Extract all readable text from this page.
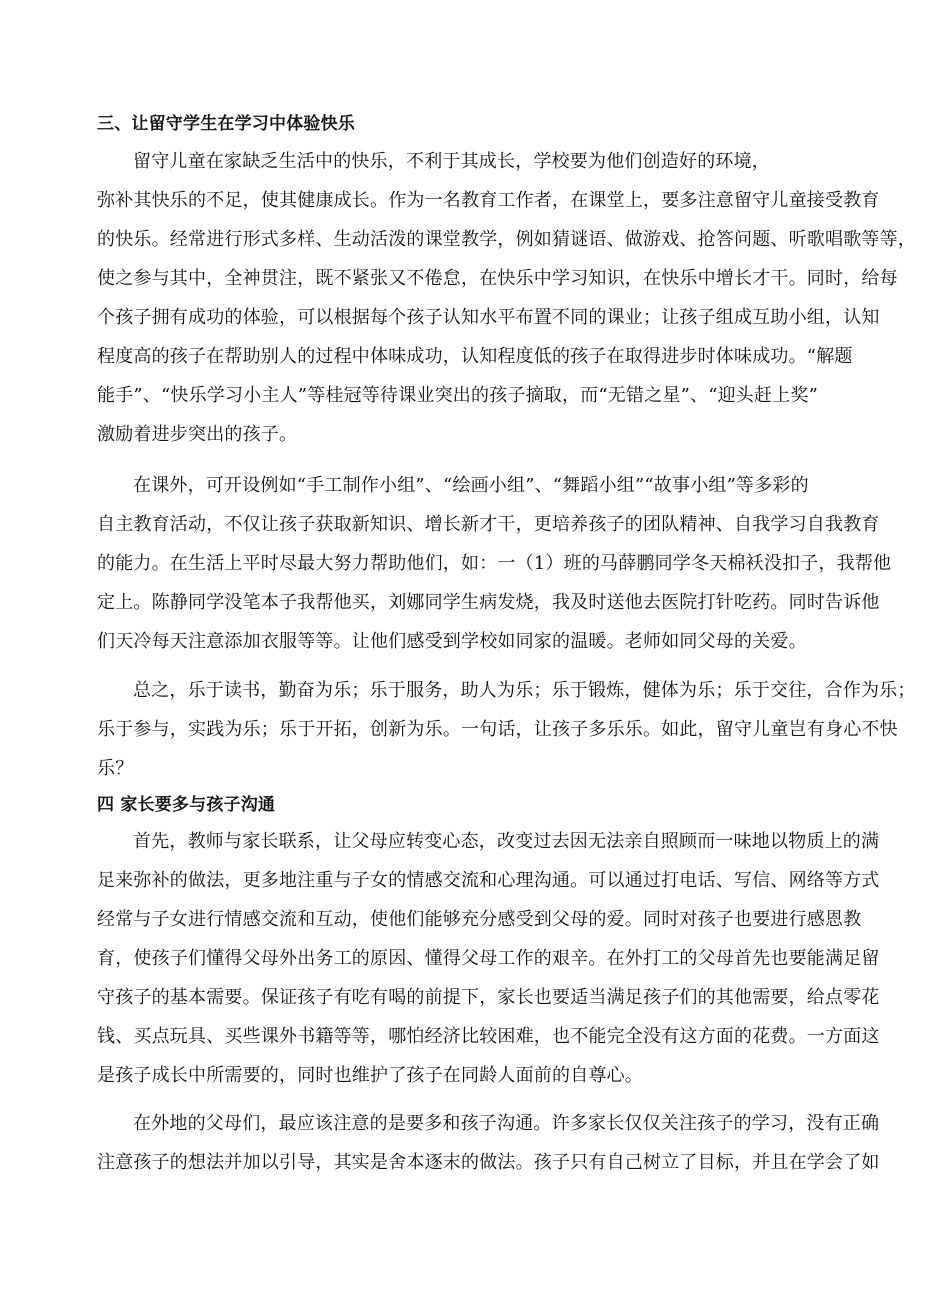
三、让留守学生在学习中体验快乐
留守儿童在家缺乏生活中的快乐，不利于其成长，学校要为他们创造好的环境，
弥补其快乐的不足，使其健康成长。作为一名教育工作者，在课堂上，要多注意留守儿童接受教育
的快乐。经常进行形式多样、生动活泼的课堂教学，例如猜谜语、做游戏、抢答问题、听歌唱歌等等，
使之参与其中，全神贯注，既不紧张又不倦怠，在快乐中学习知识，在快乐中增长才干。同时，给每
个孩子拥有成功的体验，可以根据每个孩子认知水平布置不同的课业；让孩子组成互助小组，认知
程度高的孩子在帮助别人的过程中体味成功，认知程度低的孩子在取得进步时体味成功。“解题
能手”、“快乐学习小主人”等桂冠等待课业突出的孩子摘取，而“无错之星”、“迎头赶上奖”
激励着进步突出的孩子。
在课外，可开设例如“手工制作小组”、“绘画小组”、“舞蹈小组”“故事小组”等多彩的
自主教育活动，不仅让孩子获取新知识、增长新才干，更培养孩子的团队精神、自我学习自我教育
的能力。在生活上平时尽最大努力帮助他们，如：一（1）班的马薛鹏同学冬天棉袄没扣子，我帮他
定上。陈静同学没笔本子我帮他买，刘娜同学生病发烧，我及时送他去医院打针吃药。同时告诉他
们天冷每天注意添加衣服等等。让他们感受到学校如同家的温暖。老师如同父母的关爱。
总之，乐于读书，勤奋为乐；乐于服务，助人为乐；乐于锻炼，健体为乐；乐于交往，合作为乐；
乐于参与，实践为乐；乐于开拓，创新为乐。一句话，让孩子多乐乐。如此，留守儿童岂有身心不快
乐？
四 家长要多与孩子沟通
首先，教师与家长联系，让父母应转变心态，改变过去因无法亲自照顾而一味地以物质上的满
足来弥补的做法，更多地注重与子女的情感交流和心理沟通。可以通过打电话、写信、网络等方式
经常与子女进行情感交流和互动，使他们能够充分感受到父母的爱。同时对孩子也要进行感恩教
育，使孩子们懂得父母外出务工的原因、懂得父母工作的艰辛。在外打工的父母首先也要能满足留
守孩子的基本需要。保证孩子有吃有喝的前提下，家长也要适当满足孩子们的其他需要，给点零花
钱、买点玩具、买些课外书籍等等，哪怕经济比较困难，也不能完全没有这方面的花费。一方面这
是孩子成长中所需要的，同时也维护了孩子在同龄人面前的自尊心。
在外地的父母们，最应该注意的是要多和孩子沟通。许多家长仅仅关注孩子的学习，没有正确
注意孩子的想法并加以引导，其实是舍本逐末的做法。孩子只有自己树立了目标，并且在学会了如
